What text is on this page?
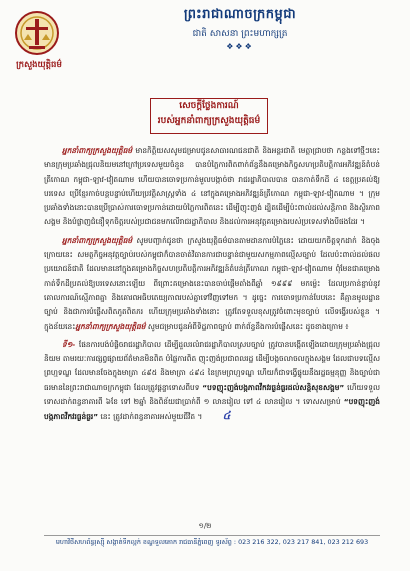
ក្រសួងយុត្តិធម៌
ព្រះរាជាណាចក្រកម្ពុជា
ជាតិ សាសនា ព្រះមហាក្សត្រ
❖❖❖
សេចក្ដីថ្លែងការណ៍
របស់អ្នកនាំពាក្យក្រសួងយុត្តិធម៌

អ្នកនាំពាក្យក្រសួងយុត្តិធម៌ មានកិត្តិយសសូមជម្រាបជូនសាធារណជនជាតិ និងអន្តរជាតិ មេត្តាជ្រាបថា កន្លងទៅថ្មីៗនេះ មានក្រុមប្រឆាំងជ្រុលនិយមនៅក្រៅប្រទេសមួយចំនួន បានបំភ្លៃការពិតពាក់ព័ន្ធនឹងគម្រោងកិច្ចសហប្រតិបត្តិការអភិវឌ្ឍន៍តំបន់ត្រីកោណ កម្ពុជា-ឡាវ-វៀតណាម ហើយបានចោទប្រកាន់មួលបង្កាច់ថា រាជរដ្ឋាភិបាលបាន បានកាត់ទឹកដី ៤ ខេត្តប្រគល់ឱ្យបរទេស ប្រើខ្មែរកាច់បន្តបន្ទាប់ហើយប្រវត្តិសាស្រ្តទាំង ៤ នៅក្នុងគម្រោងអភិវឌ្ឍន៍ត្រីកោណ កម្ពុជា-ឡាវ-វៀតណាម ។ ក្រុមប្រឆាំងទាំងនោះបានប្រើប្រាស់ការចោទប្រកាន់ដោយបំភ្លៃការពិតនេះ ដើម្បីញុះញង់ ដ្បិតដើម្បីប៉ះពាល់ដល់សន្តិភាព និងស្ថិរភាពសង្គម និងបំផ្លាញជំនឿទុកចិត្តរបស់ប្រជាជនមកលើរាជរដ្ឋាភិបាល និងដល់ការអនុវត្តគម្រោងរបស់ប្រទេសទាំងបីផងដែរ ។

អ្នកនាំពាក្យក្រសួងយុត្តិធម៌ សូមបញ្ជាក់ជូនថា ក្រសួងយុត្តិធម៌បានតាមដានការបំភ្លៃនេះ ដោយយកចិត្តទុកដាក់ និងចុងក្រោយនេះ សមត្ថកិច្ចអនុវត្តច្បាប់របស់កម្ពុជាក៏បានចាត់វិធានការជាបន្ទាន់ជាមួយសកម្មភាពល្មើសច្បាប់ ដែលប៉ះពាល់ដល់ផលប្រយោជន៍ជាតិ ដែលមាននៅក្នុងគម្រោងកិច្ចសហប្រតិបត្តិការអភិវឌ្ឍន៍តំបន់ត្រីកោណ កម្ពុជា-ឡាវ-វៀតណាម ពុំមែនជាគម្រោងកាត់ទឹកដីប្រគល់ឱ្យបរទេសនោះឡើយ ពីព្រោះគម្រោងនេះបានចាប់ផ្តើមតាំងពីឆ្នាំ ១៩៩៩ មកម្ល៉េះ ដែលប្រកាន់ខ្ជាប់នូវគោលការណ៍ស្មើភាពគ្នា និងគោរពអធិបតេយ្យភាពរបស់គ្នាទៅវិញទៅមក ។ ដូច្នេះ ការចោទប្រកាន់បែបនេះ គឺគ្មានមូលដ្ឋានច្បាប់ និងជាការបំផ្លើសពិតភូតពិតភរ ហើយក្រុមប្រឆាំងទាំងនោះ ត្រូវតែទទួលខុសត្រូវចំពោះមុខច្បាប់ លើទង្វើរបស់ខ្លួន ។ ក្នុងន័យនេះអ្នកនាំពាក្យក្រសួងយុត្តិធម៌ សូមជម្រាបជូនអំពីទិដ្ឋភាពច្បាប់ ពាក់ព័ន្ធនឹងការបំផ្លើសនេះ ដូចខាងក្រោម ៖

ទី១- ផែនការបង់បំផ្លិចរាជរដ្ឋាភិបាល ដើម្បីដួលរលំរាជរដ្ឋាភិបាលស្របច្បាប់ ត្រូវបានបង្កើតឡើងដោយក្រុមប្រឆាំងជ្រុលនិយម តាមរយៈការផ្សព្វផ្សាយព័ត៌មានមិនពិត បំផ្លៃការពិត ញុះញង់ប្រជាពលរដ្ឋ ដើម្បីបង្កចលាចលក្នុងសង្គម ដែលជាបទល្មើសព្រហ្មទណ្ឌ ដែលមានចែងក្នុងមាត្រា ៤៩៥ និងមាត្រា ៤៩៤ នៃក្រមព្រហ្មទណ្ឌ ហើយក៏ជាទង្វើផ្ទុយនឹងរដ្ឋធម្មនុញ្ញ និងច្បាប់ជាធរមាននៃព្រះរាជាណាចក្រកម្ពុជា ដែលត្រូវផ្តន្ទាទោសពីបទ “បទញុះញង់បង្កភាពវឹកវរធ្ងន់ធ្ងរដល់សន្តិសុខសង្គម” ហើយទទួលទោសដាក់ពន្ធនាគារពី ៦ខែ ទៅ ២ឆ្នាំ និងពិន័យជាប្រាក់ពី ១ លានរៀល ទៅ ៤ លានរៀល ។ ទោសសម្រាប់ “បទញុះញង់បង្កភាពវឹកវរធ្ងន់ធ្ងរ” នេះ ត្រូវដាក់ពន្ធនាគារអស់មួយជីវិត ។ ៤

១/២
មហាវិថីសហព័ន្ធរុស្ស៊ី សង្កាត់ទឹកល្អក់ ខណ្ឌទួលគោក រាជធានីភ្នំពេញ ទូរស័ព្ទ : 023 216 322, 023 217 841, 023 212 693
